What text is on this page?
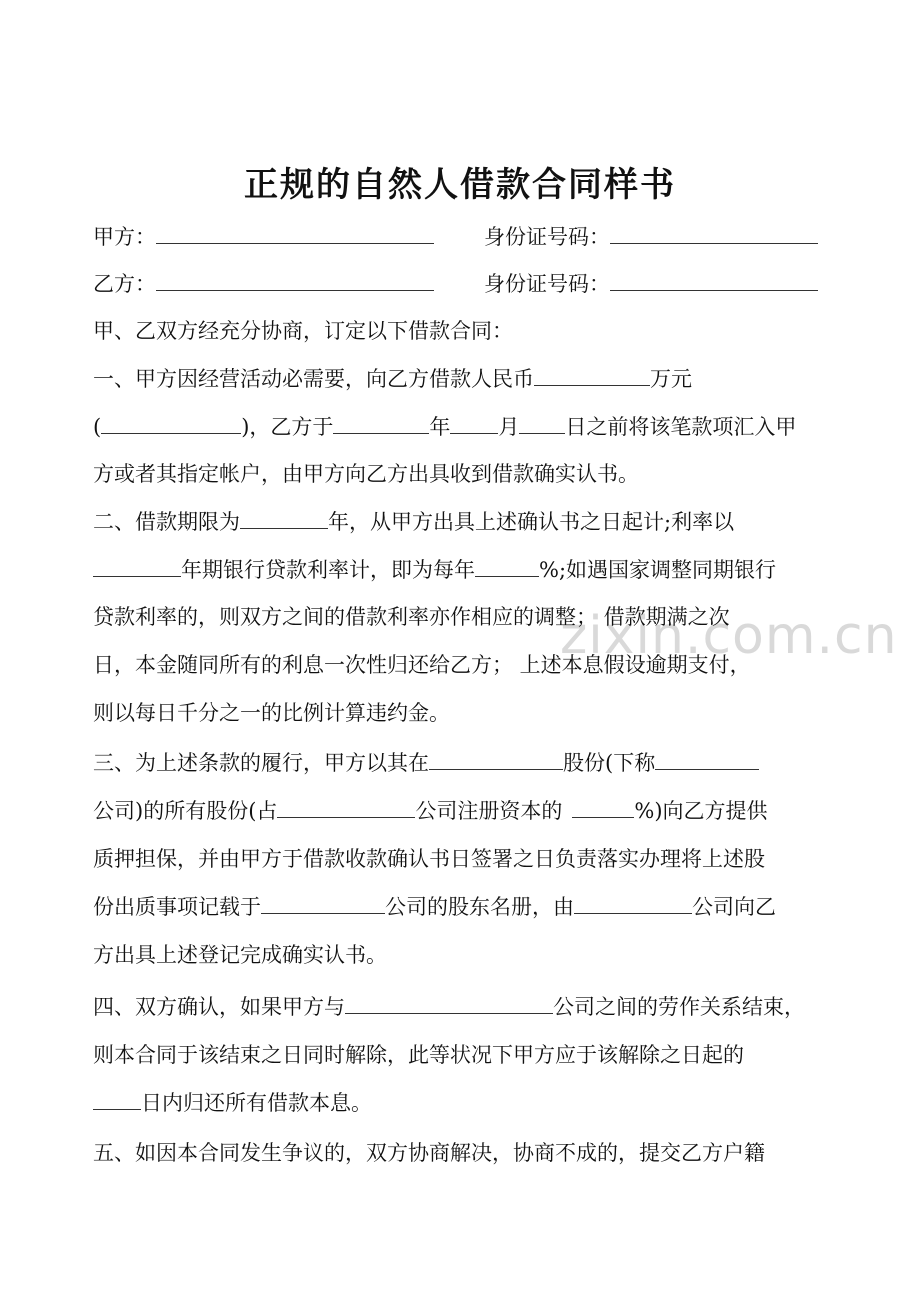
zixin.com.cn
正规的自然人借款合同样书
甲方：	身份证号码：
乙方：	身份证号码：
甲、乙双方经充分协商，订定以下借款合同：
一、甲方因经营活动必需要，向乙方借款人民币	万元
(	)，乙方于	年 月 日之前将该笔款项汇入甲
方或者其指定帐户，由甲方向乙方出具收到借款确实认书。
二、借款期限为	年，从甲方出具上述确认书之日起计;利率以
年期银行贷款利率计，即为每年	%;如遇国家调整同期银行
贷款利率的，则双方之间的借款利率亦作相应的调整； 借款期满之次
日，本金随同所有的利息一次性归还给乙方； 上述本息假设逾期支付，
则以每日千分之一的比例计算违约金。
三、为上述条款的履行，甲方以其在	股份(下称
公司)的所有股份(占	公司注册资本的	%)向乙方提供
质押担保，并由甲方于借款收款确认书日签署之日负责落实办理将上述股
份出质事项记载于	公司的股东名册，由	公司向乙
方出具上述登记完成确实认书。
四、双方确认，如果甲方与	公司之间的劳作关系结束，
则本合同于该结束之日同时解除，此等状况下甲方应于该解除之日起的
日内归还所有借款本息。
五、如因本合同发生争议的，双方协商解决，协商不成的，提交乙方户籍
